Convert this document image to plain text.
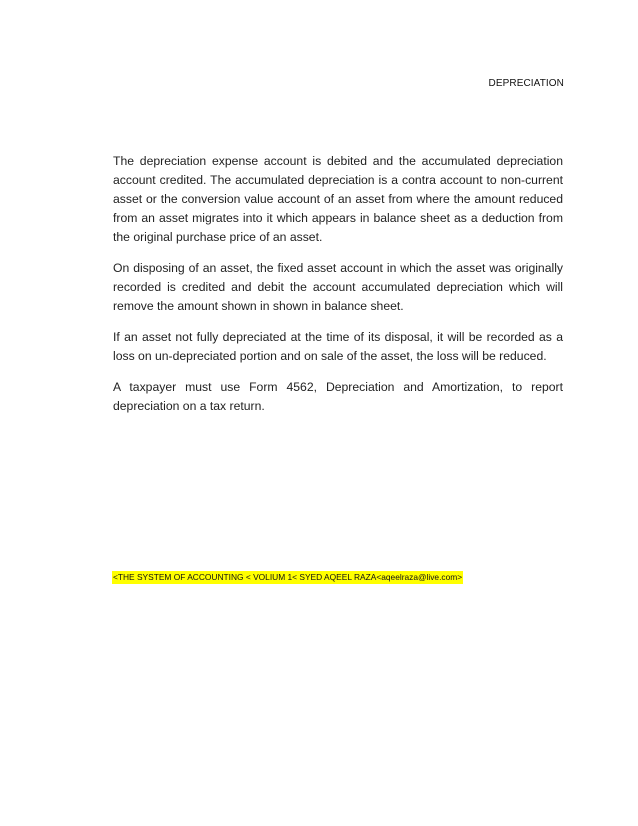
DEPRECIATION

The depreciation expense account is debited and the accumulated depreciation account credited. The accumulated depreciation is a contra account to non-current asset or the conversion value account of an asset from where the amount reduced from an asset migrates into it which appears in balance sheet as a deduction from the original purchase price of an asset.

On disposing of an asset, the fixed asset account in which the asset was originally recorded is credited and debit the account accumulated depreciation which will remove the amount shown in shown in balance sheet.

If an asset not fully depreciated at the time of its disposal, it will be recorded as a loss on un-depreciated portion and on sale of the asset, the loss will be reduced.

A taxpayer must use Form 4562, Depreciation and Amortization, to report depreciation on a tax return.

<THE SYSTEM OF ACCOUNTING < VOLIUM 1< SYED AQEEL RAZA<aqeelraza@live.com>
